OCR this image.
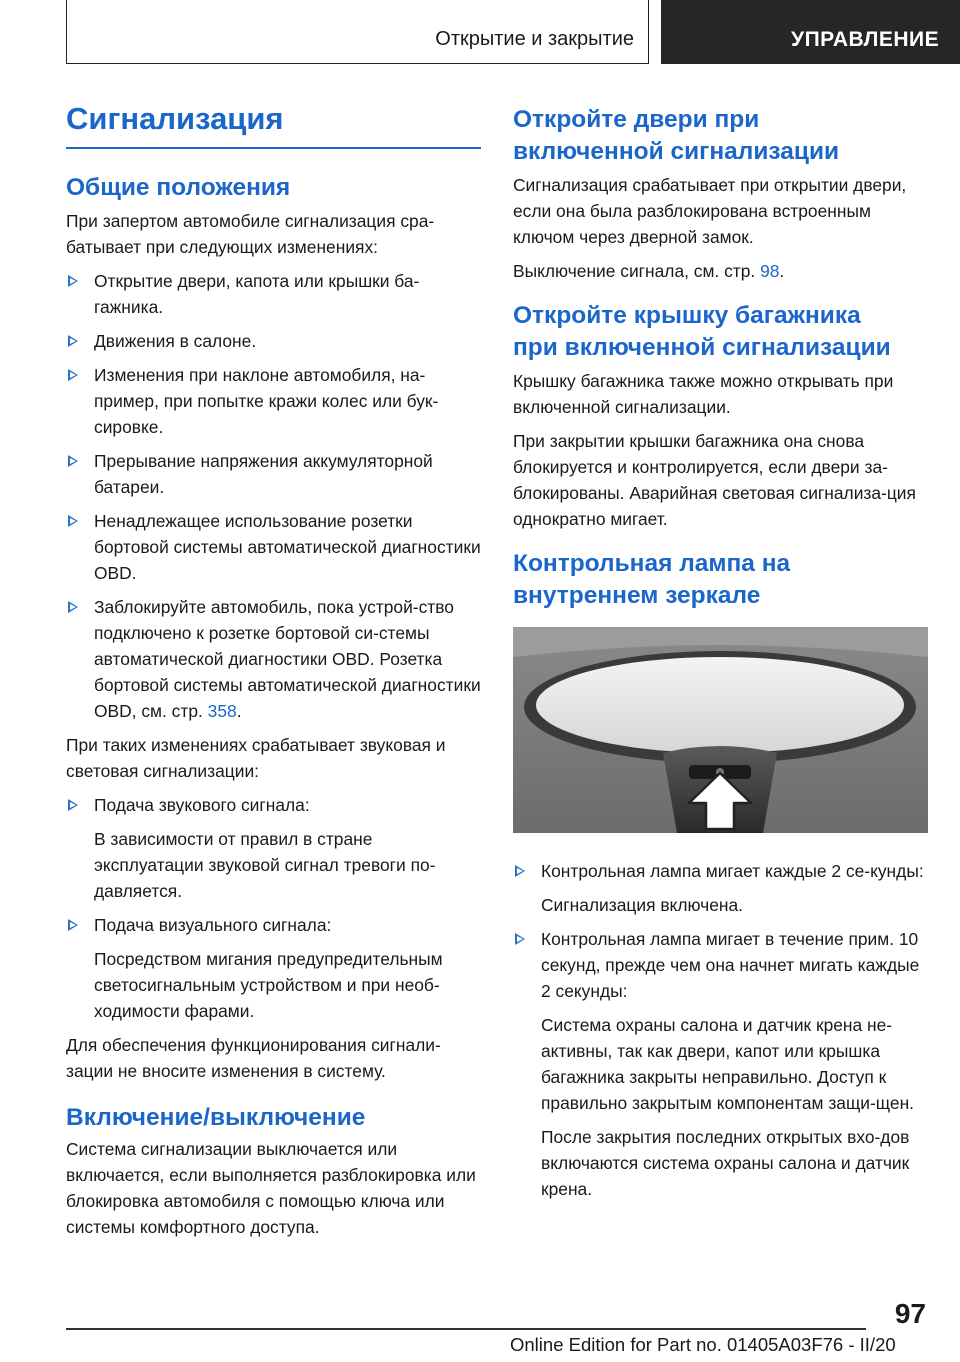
Открытие и закрытие	УПРАВЛЕНИЕ
Сигнализация
Общие положения

При запертом автомобиле сигнализация сра-батывает при следующих изменениях:

Открытие двери, капота или крышки ба-гажника.
Движения в салоне.
Изменения при наклоне автомобиля, на-пример, при попытке кражи колес или бук-сировке.
Прерывание напряжения аккумуляторной батареи.
Ненадлежащее использование розетки бортовой системы автоматической диагностики OBD.
Заблокируйте автомобиль, пока устрой-ство подключено к розетке бортовой си-стемы автоматической диагностики OBD. Розетка бортовой системы автоматической диагностики OBD, см. стр. 358.

При таких изменениях срабатывает звуковая и световая сигнализации:

Подача звукового сигнала:
В зависимости от правил в стране эксплуатации звуковой сигнал тревоги по-давляется.
Подача визуального сигнала:
Посредством мигания предупредительным светосигнальным устройством и при необ-ходимости фарами.

Для обеспечения функционирования сигнали-зации не вносите изменения в систему.

Включение/выключение

Система сигнализации выключается или включается, если выполняется разблокировка или блокировка автомобиля с помощью ключа или системы комфортного доступа.

Откройте двери при
включенной сигнализации

Сигнализация срабатывает при открытии двери, если она была разблокирована встроенным ключом через дверной замок.

Выключение сигнала, см. стр. 98.

Откройте крышку багажника
при включенной сигнализации

Крышку багажника также можно открывать при включенной сигнализации.

При закрытии крышки багажника она снова блокируется и контролируется, если двери за-блокированы. Аварийная световая сигнализа-ция однократно мигает.

Контрольная лампа на
внутреннем зеркале
Контрольная лампа мигает каждые 2 се-кунды:
Сигнализация включена.
Контрольная лампа мигает в течение прим. 10 секунд, прежде чем она начнет мигать каждые 2 секунды:
Система охраны салона и датчик крена не-активны, так как двери, капот или крышка багажника закрыты неправильно. Доступ к правильно закрытым компонентам защи-щен.
После закрытия последних открытых вхо-дов включаются система охраны салона и датчик крена.
97
Online Edition for Part no. 01405A03F76 - II/20
